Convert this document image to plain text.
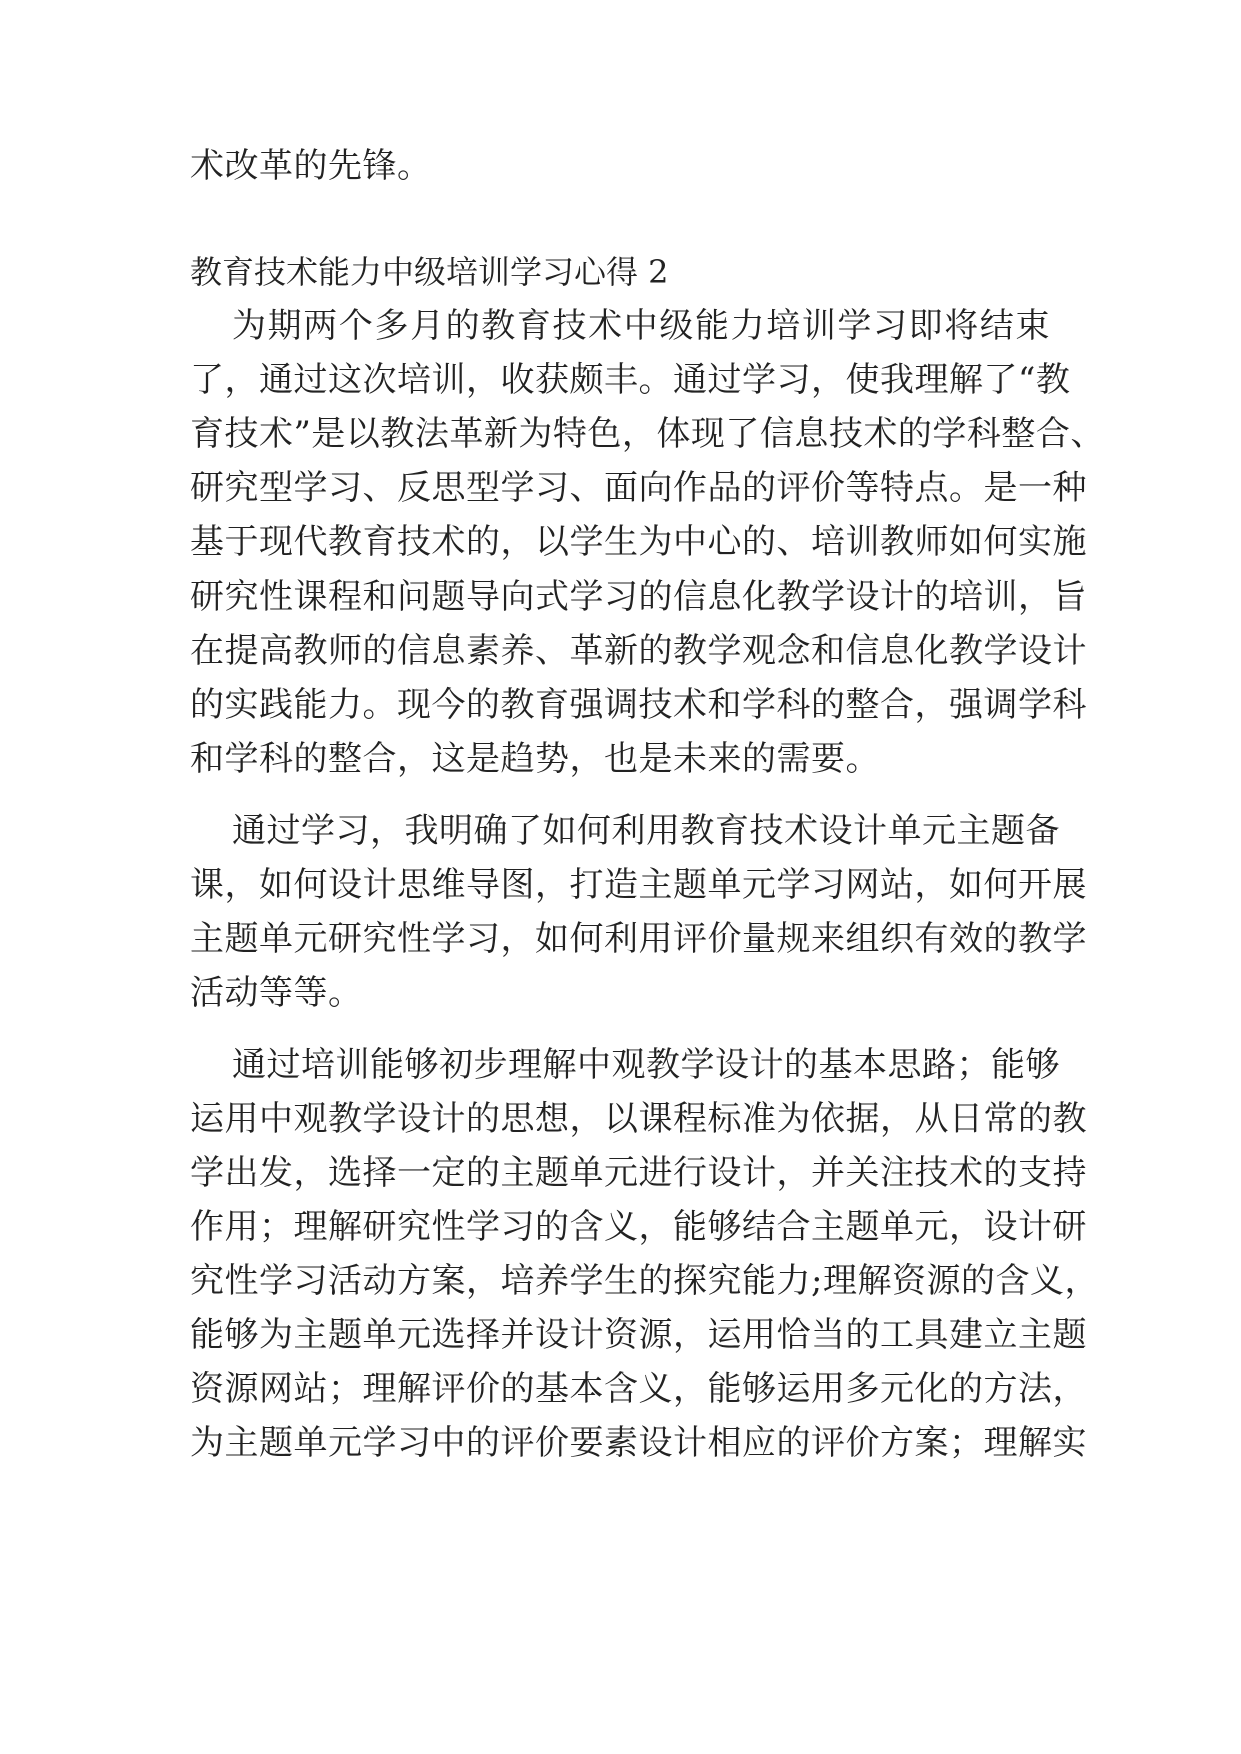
术改革的先锋。
教育技术能力中级培训学习心得 2
为期两个多月的教育技术中级能力培训学习即将结束
了，通过这次培训，收获颇丰。通过学习，使我理解了“教
育技术”是以教法革新为特色，体现了信息技术的学科整合、
研究型学习、反思型学习、面向作品的评价等特点。是一种
基于现代教育技术的，以学生为中心的、培训教师如何实施
研究性课程和问题导向式学习的信息化教学设计的培训，旨
在提高教师的信息素养、革新的教学观念和信息化教学设计
的实践能力。现今的教育强调技术和学科的整合，强调学科
和学科的整合，这是趋势，也是未来的需要。
通过学习，我明确了如何利用教育技术设计单元主题备
课，如何设计思维导图，打造主题单元学习网站，如何开展
主题单元研究性学习，如何利用评价量规来组织有效的教学
活动等等。
通过培训能够初步理解中观教学设计的基本思路；能够
运用中观教学设计的思想，以课程标准为依据，从日常的教
学出发，选择一定的主题单元进行设计，并关注技术的支持
作用；理解研究性学习的含义，能够结合主题单元，设计研
究性学习活动方案，培养学生的探究能力;理解资源的含义，
能够为主题单元选择并设计资源，运用恰当的工具建立主题
资源网站；理解评价的基本含义，能够运用多元化的方法，
为主题单元学习中的评价要素设计相应的评价方案；理解实
